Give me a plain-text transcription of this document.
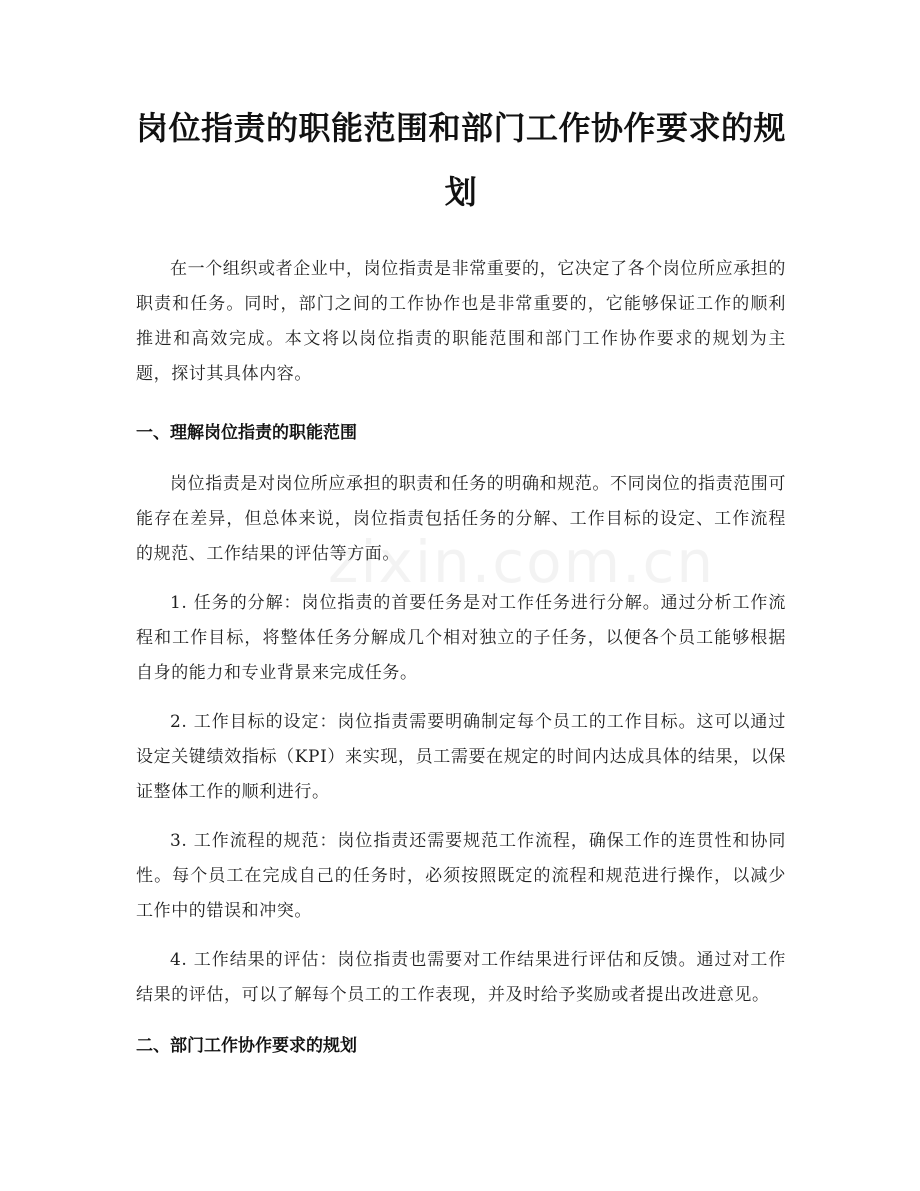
岗位指责的职能范围和部门工作协作要求的规划

在一个组织或者企业中，岗位指责是非常重要的，它决定了各个岗位所应承担的职责和任务。同时，部门之间的工作协作也是非常重要的，它能够保证工作的顺利推进和高效完成。本文将以岗位指责的职能范围和部门工作协作要求的规划为主题，探讨其具体内容。

一、理解岗位指责的职能范围

岗位指责是对岗位所应承担的职责和任务的明确和规范。不同岗位的指责范围可能存在差异，但总体来说，岗位指责包括任务的分解、工作目标的设定、工作流程的规范、工作结果的评估等方面。

1. 任务的分解：岗位指责的首要任务是对工作任务进行分解。通过分析工作流程和工作目标，将整体任务分解成几个相对独立的子任务，以便各个员工能够根据自身的能力和专业背景来完成任务。

2. 工作目标的设定：岗位指责需要明确制定每个员工的工作目标。这可以通过设定关键绩效指标（KPI）来实现，员工需要在规定的时间内达成具体的结果，以保证整体工作的顺利进行。

3. 工作流程的规范：岗位指责还需要规范工作流程，确保工作的连贯性和协同性。每个员工在完成自己的任务时，必须按照既定的流程和规范进行操作，以减少工作中的错误和冲突。

4. 工作结果的评估：岗位指责也需要对工作结果进行评估和反馈。通过对工作结果的评估，可以了解每个员工的工作表现，并及时给予奖励或者提出改进意见。

二、部门工作协作要求的规划
